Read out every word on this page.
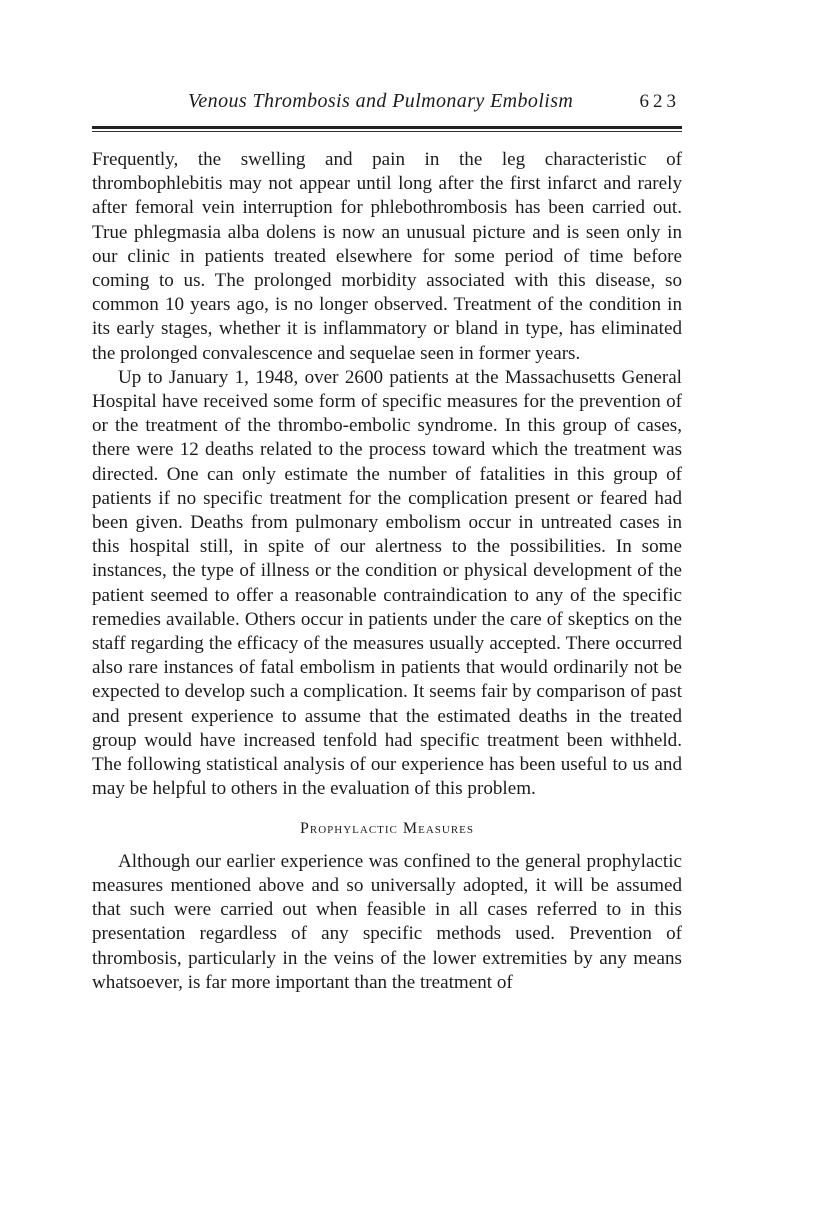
Venous Thrombosis and Pulmonary Embolism	623

Frequently, the swelling and pain in the leg characteristic of thrombophlebitis may not appear until long after the first infarct and rarely after femoral vein interruption for phlebothrombosis has been carried out. True phlegmasia alba dolens is now an unusual picture and is seen only in our clinic in patients treated elsewhere for some period of time before coming to us. The prolonged morbidity associated with this disease, so common 10 years ago, is no longer observed. Treatment of the condition in its early stages, whether it is inflammatory or bland in type, has eliminated the prolonged convalescence and sequelae seen in former years.

Up to January 1, 1948, over 2600 patients at the Massachusetts General Hospital have received some form of specific measures for the prevention of or the treatment of the thrombo-embolic syndrome. In this group of cases, there were 12 deaths related to the process toward which the treatment was directed. One can only estimate the number of fatalities in this group of patients if no specific treatment for the complication present or feared had been given. Deaths from pulmonary embolism occur in untreated cases in this hospital still, in spite of our alertness to the possibilities. In some instances, the type of illness or the condition or physical development of the patient seemed to offer a reasonable contraindication to any of the specific remedies available. Others occur in patients under the care of skeptics on the staff regarding the efficacy of the measures usually accepted. There occurred also rare instances of fatal embolism in patients that would ordinarily not be expected to develop such a complication. It seems fair by comparison of past and present experience to assume that the estimated deaths in the treated group would have increased tenfold had specific treatment been withheld. The following statistical analysis of our experience has been useful to us and may be helpful to others in the evaluation of this problem.

Prophylactic Measures

Although our earlier experience was confined to the general prophylactic measures mentioned above and so universally adopted, it will be assumed that such were carried out when feasible in all cases referred to in this presentation regardless of any specific methods used. Prevention of thrombosis, particularly in the veins of the lower extremities by any means whatsoever, is far more important than the treatment of
